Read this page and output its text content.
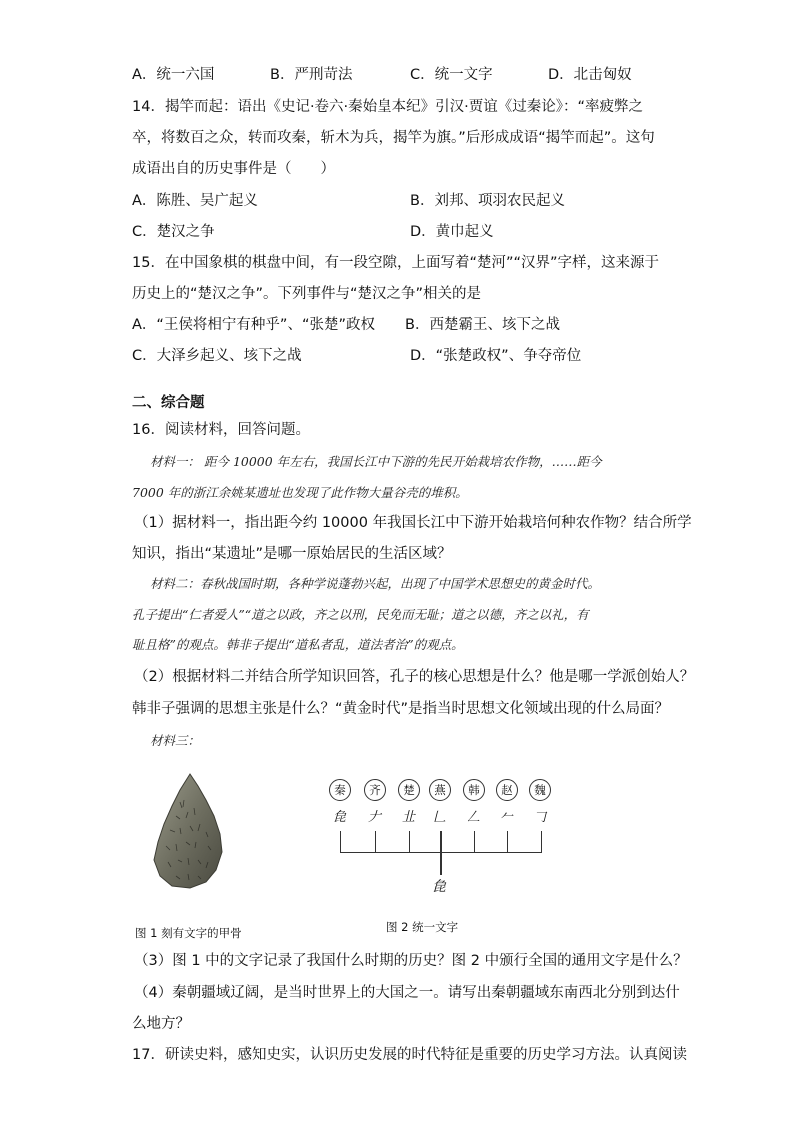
A．统一六国	B．严刑苛法	C．统一文字	D．北击匈奴
14．揭竿而起：语出《史记·卷六·秦始皇本纪》引汉·贾谊《过秦论》：“率疲弊之
卒，将数百之众，转而攻秦，斩木为兵，揭竿为旗。”后形成成语“揭竿而起”。这句
成语出自的历史事件是（　　）
A．陈胜、吴广起义	B．刘邦、项羽农民起义
C．楚汉之争	D．黄巾起义
15．在中国象棋的棋盘中间，有一段空隙，上面写着“楚河”“汉界”字样，这来源于
历史上的“楚汉之争”。下列事件与“楚汉之争”相关的是
A．“王侯将相宁有种乎”、“张楚”政权 B．西楚霸王、垓下之战
C．大泽乡起义、垓下之战	D．“张楚政权”、争夺帝位
二、综合题
16．阅读材料，回答问题。
材料一： 距今 10000 年左右，我国长江中下游的先民开始栽培农作物，……距今
7000 年的浙江余姚某遗址也发现了此作物大量谷壳的堆积。
（1）据材料一，指出距今约 10000 年我国长江中下游开始栽培何种农作物？结合所学
知识，指出“某遗址”是哪一原始居民的生活区域？
材料二：春秋战国时期，各种学说蓬勃兴起，出现了中国学术思想史的黄金时代。
孔子提出“仁者爱人”“道之以政，齐之以刑，民免而无耻；道之以德，齐之以礼，有
耻且格”的观点。韩非子提出“道私者乱，道法者治”的观点。
（2）根据材料二并结合所学知识回答，孔子的核心思想是什么？他是哪一学派创始人？
韩非子强调的思想主张是什么？“黄金时代”是指当时思想文化领域出现的什么局面？
材料三：
秦	齐	楚	燕	韩	赵	魏
㲋 𠂇 㐀 𠃊 𠃋 𠂉 𠃌
㲋
图 1 刻有文字的甲骨	图 2 统一文字
（3）图 1 中的文字记录了我国什么时期的历史？图 2 中颁行全国的通用文字是什么？
（4）秦朝疆域辽阔，是当时世界上的大国之一。请写出秦朝疆域东南西北分别到达什
么地方？
17．研读史料，感知史实，认识历史发展的时代特征是重要的历史学习方法。认真阅读
